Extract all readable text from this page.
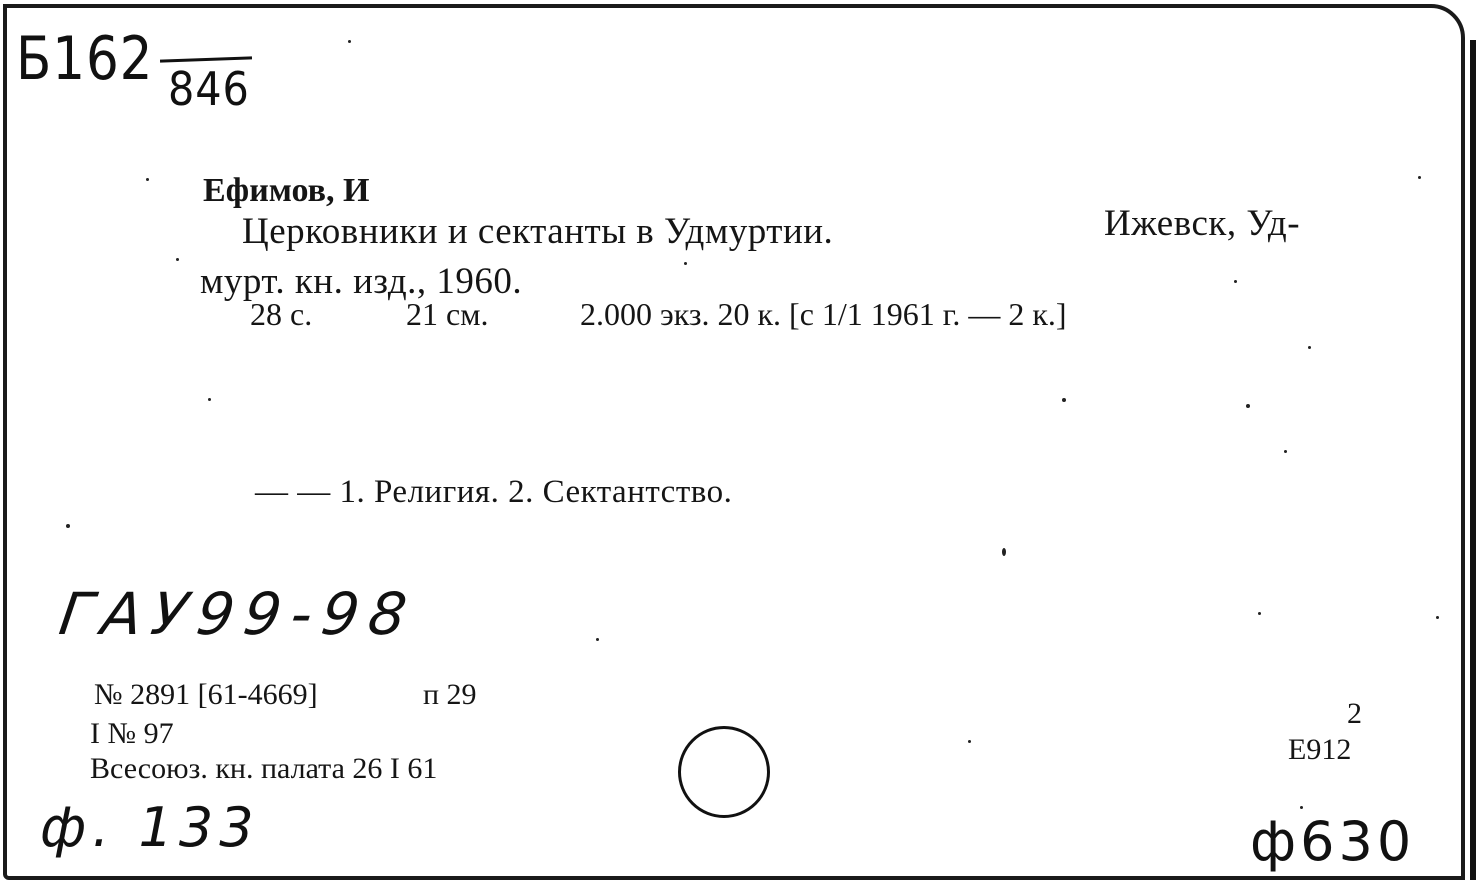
Б162 846
Ефимов, И
Церковники и сектанты в Удмуртии.	Ижевск, Уд-
мурт. кн. изд., 1960.
28 с.	21 см.	2.000 экз. 20 к. [с 1/1 1961 г. — 2 к.]
— — 1. Религия. 2. Сектантство.
ГАУ99-98
№ 2891 [61-4669]	п 29
I № 97
Всесоюз. кн. палата 26 I 61
2
Е912
ф. 133	ф630
